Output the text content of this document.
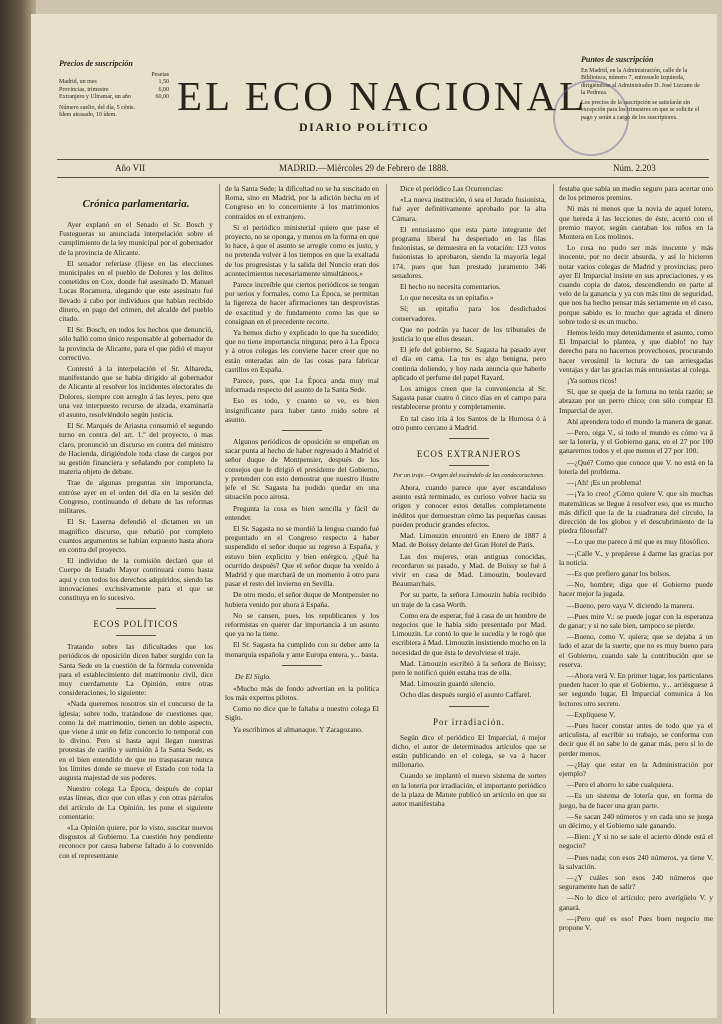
Precios de suscripción
	Pesetas
Madrid, un mes	1,50
Provincias, trimestre	6,00
Extranjero y Ultramar, un año	60,00
Número suelto, del día, 5 cénts.
Ídem atrasado, 10 ídem.	EL ECO NACIONAL
DIARIO POLÍTICO
Puntos de suscripción
En Madrid, en la Administración, calle de la Biblioteca, número 7, entresuelo izquierda, dirigiéndose al Administrador D. José Lizcano de la Pedreza.
Los precios de la suscripción se satisfarán sin excepción para los trimestres en que se solicite el pago y serán a cargo de los suscriptores.
Año VII	MADRID.—Miércoles 29 de Febrero de 1888.	Núm. 2.203
Crónica parlamentaria.

Ayer explanó en el Senado el Sr. Bosch y Fustegueras su anunciada interpelación sobre el cumplimiento de la ley municipal por el gobernador de la provincia de Alicante.

El senador referíase (fíjese en las elecciones municipales en el pueblo de Dolores y los delitos cometidos en Cox, donde fué asesinado D. Manuel Lucas Rocamora, alegando que este asesinato fué llevado á cabo por individuos que habían recibido dinero, en pago del crimen, del alcalde del pueblo citado.

El Sr. Bosch, en todos los hechos que denunció, sólo halló como único responsable al gobernador de la provincia de Alicante, para el que pidió el mayor correctivo.

Contestó á la interpelación el Sr. Albareda, manifestando que se había dirigido al gobernador de Alicante al resolver los incidentes electorales de Dolores, siempre con arreglo á las leyes, pero que una vez interpuesto recurso de alzada, examinaría el asunto, resolviéndolo según justicia.

El Sr. Marqués de Ariasna consumió el segundo turno en contra del art. 1.º del proyecto, ó mas claro, pronunció un discurso en contra del ministro de Hacienda, dirigiéndole toda clase de cargos por su gestión financiera y señalando por completo la materia objeto de debate.

Trae de algunas preguntas sin importancia, entróse ayer en el orden del día en la sesión del Congreso, continuando el debate de las reformas militares.

El Sr. Laserna defendió el dictamen en un magnífico discurso, que rebatió por completo cuantos argumentos se habían expuesto hasta ahora en contra del proyecto.

El individuo de la comisión declaró que el Cuerpo de Estado Mayor continuará como hasta aquí y con todos los derechos adquiridos, siendo las innovaciones exclusivamente para el que se constituya en lo sucesivo.

ECOS POLÍTICOS

Tratando sobre las dificultades que los periódicos de oposición dicen haber surgido con la Santa Sede en la cuestión de la fórmula convenida para el establecimiento del matrimonio civil, dice muy cuerdamente La Opinión, entre otras consideraciones, lo siguiente:

«Nada queremos nosotros sin el concurso de la iglesia; sobre todo, tratándose de cuestiones que, como la del matrimonio, tienen un doble aspecto, que viene á unir en feliz concorcio lo temporal con lo divino. Pero si hasta aquí llegan nuestras protestas de cariño y sumisión á la Santa Sede, es en el bien entendido de que no traspasaran nunca los límites donde se mueve el Estado con toda la augusta majestad de sus poderes.

Nuestro colega La Época, después de copiar estas líneas, dice que con ellas y con otras párrafos del artículo de La Opinión, les pone el siguiente comentario:

«La Opinión quiere, por lo visto, suscitar nuevos disgustos al Gobierno. La cuestión hoy pendiente reconoce por causa haberse faltado á lo convenido con el representante

de la Santa Sede; la dificultad no se ha suscitado en Roma, sino en Madrid, por la adición hecha en el Congreso en lo concerniente á los matrimonios contraídos en el extranjero.

Si el periódico ministerial quiere que pase el proyecto, no se oponga, y menos en la forma en que lo hace, á que el asunto se arregle como es justo, y no pretenda volver á los tiempos en que la exaltada de los progresistas y la salida del Nuncio eran dos acontecimientos necesariamente simultáneos.»

Parece increíble que ciertos periódicos se tengan por serios y formales, como La Época, se permitan la ligereza de hacer afirmaciones tan desprovistas de exactitud y de fundamento como las que se consignan en el precedente recorte.

Ya hemos dicho y explicado lo que ha sucedido; que no tiene importancia ninguna; pero á La Época y á otros colegas les conviene hacer creer que no están enteradas aún de las cosas para fabricar castillos en España.

Parece, pues, que La Época anda muy mal informada respecto del asunto de la Santa Sede.

Eso es todo, y cuanto se ve, es bien insignificante para haber tanto ruido sobre el asunto.

Algunos periódicos de oposición se empeñan en sacar punta al hecho de haber regresado á Madrid el señor duque de Montpensier, después de los consejos que le dirigió el presidente del Gobierno, y pretenden con esto demostrar que nuestro ilustre jefe el Sr. Sagasta ha podido quedar en una situación poco airosa.

Pregunta la cosa es bien sencilla y fácil de entender.

El Sr. Sagasta no se mordió la lengua cuando fué preguntado en el Congreso respecto á haber suspendido el señor duque su regreso á España, y estuvo bien explícito y bien enérgico. ¿Qué ha ocurrido después? Que el señor duque ha venido á Madrid y que marchará de un momento á otro para pasar el resto del invierno en Sevilla.

De otro modo, el señor duque de Montpensier no hubiera venido por ahora á España.

No se cansen, pues, los republicanos y los reformistas en querer dar importancia á un asunto que ya no la tiene.

El Sr. Sagasta ha cumplido con su deber ante la monarquía española y ante Europa entera, y... basta.

De El Siglo.

«Mucho más de fondo advertían en la política los más expertos pilotos.

Como no dice que le faltaba a nuestro colega El Siglo.

Ya escribimos al almanaque. Y Zaragozano.

Dice el periódico Las Ocurrencias:

«La nueva institución, ó sea el Jurado fusionista, fué ayer definitivamente aprobado por la alta Cámara.

El entusiasmo que esta parte integrante del programa liberal ha despertado en las filas fusionistas, se demuestra en la votación: 123 votos fusionistas lo aprobaron, siendo la mayoría legal 174, pues que han prestado juramento 346 senadores.

El hecho no necesita comentarios.

Lo que necesita es un epitafio.»

Sí; un epitafio para los desdichados conservadores.

Que no podrán ya hacer de los tribunales de justicia lo que ellos desean.

El jefe del gobierno, Sr. Sagasta ha pasado ayer el día en cama. La tos es algo benigna, pero continúa doliendo, y hoy nada anuncia que haberle aplicado el perfume del papel Rayard.

Los amigos creen que la conveniencia al Sr. Sagasta pasar cuatro ó cinco días en el campo para restablecerse pronto y completamente.

En tal caso iría á los Santos de la Humosa ó á otro punto cercano á Madrid.

ECOS EXTRANJEROS

Por un traje.—Origen del escándalo de las condecoraciones.

Ahora, cuando parece que ayer escandaloso asunto está terminado, es curioso volver hacia su origen y conocer estos detalles completamente inéditos que demuestran cómo las pequeñas causas pueden producir grandes efectos.

Mad. Limouzin encontró en Enero de 1887 á Mad. de Boissy delante del Gran Hotel de París.

Las dos mujeres, eran antiguas conocidas, recordaron su pasado, y Mad. de Boissy se fué á vivir en casa de Mad. Limouzin, boulevard Beaumarchais.

Por su parte, la señora Limouzin había recibido un traje de la casa Worth.

Como era de esperar, fué á casa de un hombre de negocios que le había sido presentado por Mad. Limouzin. Le contó lo que le sucedía y le rogó que escribiera á Mad. Limouzin insistiendo mucho en la necesidad de que ésta le devolviese el traje.

Mad. Limouzin escribió á la señora de Boissy; pero le notificó quién estaba tras de ella.

Mad. Limouzin guardó silencio.

Ocho días después surgió el asunto Caffarel.

Por irradiación.

Según dice el periódico El Imparcial, ó mejor dicho, el autor de determinados artículos que se están publicando en el colega, se va á hacer millonario.

Cuando se implantó el nuevo sistema de sorteo en la lotería por irradiación, el importante periódico de la plaza de Matute publicó un artículo en que su autor manifestaba

festaba que sabía un medio seguro para acertar uno de los primeros premios.

Ni más ni menos que la novia de aquel lotero, que hereda á las lecciones de éste, acertó con el premio mayor, según cantaban los niños en la Montera en Los molinos.

Lo cosa no pudo ser más inocente y más inocente, por no decir absurda, y así lo hicieron notar varios colegas de Madrid y provincias; pero ayer El Imparcial insiste en sus apreciaciones, y es cuando copia de datos, descendiendo en parte al velo de la ganancia y ya con más tino de seguridad, que nos ha hecho pensar más seriamente en el caso, porque sabido es lo mucho que agrada el dinero sobre todo si es un mucho.

Hemos leído muy detenidamente el asunto, como El Imparcial lo plantea, y que diablo! no hay derecho para no hacernos provechosos, procurando hacer verosímil la lectura de tan arriesgadas ventajas y dar las gracias más entusiastas al colega.

¡Ya somos ricos!

Sí, que se queja de la fortuna no tenía razón; se abrazan por un perro chico; con sólo comprar El Imparcial de ayer.

Ahí aprendera todo el mundo la manera de ganar.

—Pero, oiga V., si todo el mundo es cómo va á ser la lotería, y el Gobierno gana, en el 27 por 100 ganaremos todos y el que menos el 27 por 100.

—¿Qué? Como que conoce que V. no está en la lotería del problema.

—¡Ah! ¡Es un problema!

—¡Ya lo creo! ¿Cómo quiere V. que sin muchas matemáticas se llegue á resolver eso, que es mucho más difícil que la de la cuadratura del círculo, la dirección de los globos y el descubrimiento de la piedra filosofal?

—Lo que me parece á mí que es muy filosófico.

—¡Calle V., y prepárese á darme las gracias por la noticia.

—Es que prefiero ganar los bolsos.

—No, hombre; diga que el Gobierno puede hacer mejor la jugada.

—Bueno, pero vaya V. diciendo la manera.

—Pues mire V.: se puede jugar con la esperanza de ganar; y si no sale bien, tampoco se pierde.

—Bueno, como V. quiera; que se dejaba á un lado el azar de la suerte, que no es muy bueno para el Gobierno, cuando sale la contribución que se reserva.

—Ahora verá V. En primer lugar, los particulares pueden hacer lo que el Gobierno, y... arriésguese á ser segundo lugar, El Imparcial comunica á los lectores otro secreto.

—Explíquese V.

—Pues hacer constar antes de todo que ya el articulista, al escribir su trabajo, se conforma con decir que él no sabe lo de ganar más, pero sí lo de perder menos.

—¿Hay que estar en la Administración por ejemplo?

—Pero el ahorro lo sabe cualquiera.

—Es un sistema de lotería que, en forma de juego, ha de hacer una gran parte.

—Se sacan 240 números y en cada uno se juega un décimo, y el Gobierno sale ganando.

—Bien: ¿Y si no se sale el acierto dónde está el negocio?

—Pues nada; con esos 240 números, ya tiene V. la salvación.

—¿Y cuáles son esos 240 números que seguramente han de salir?

—No lo dice el artículo; pero averígüelo V. y ganará.

—¡Pero qué es eso! Pues buen negocio me propone V.
